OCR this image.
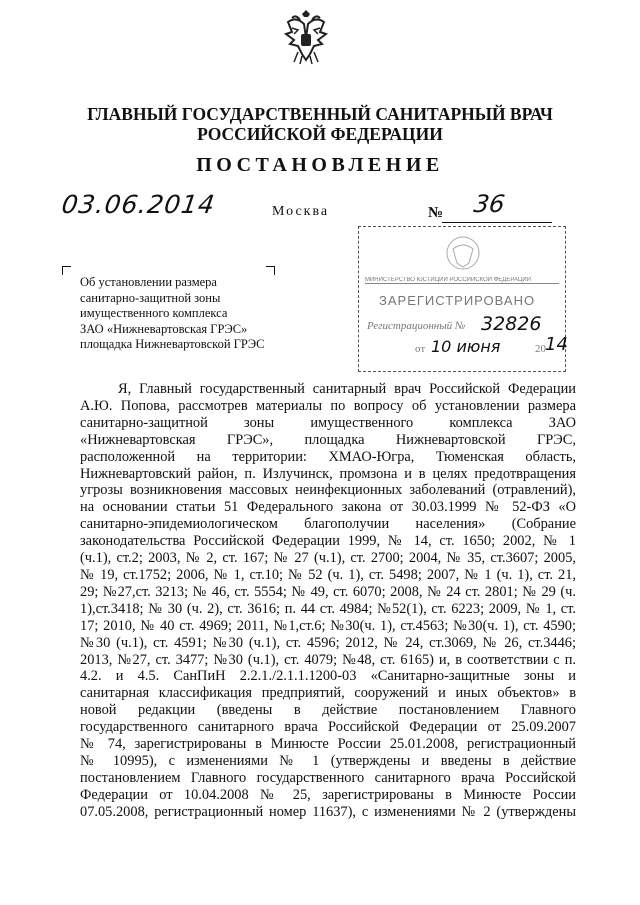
ГЛАВНЫЙ ГОСУДАРСТВЕННЫЙ САНИТАРНЫЙ ВРАЧ
РОССИЙСКОЙ ФЕДЕРАЦИИ
ПОСТАНОВЛЕНИЕ
03.06.2014	Москва	№ 36
МИНИСТЕРСТВО ЮСТИЦИИ РОССИЙСКОЙ ФЕДЕРАЦИИ
ЗАРЕГИСТРИРОВАНО
Регистрационный № 32826
от 10 июня	20 14
Об установлении размера
санитарно-защитной зоны
имущественного комплекса
ЗАО «Нижневартовская ГРЭС»
площадка Нижневартовской ГРЭС
Я, Главный государственный санитарный врач Российской Федерации
А.Ю. Попова, рассмотрев материалы по вопросу об установлении размера
санитарно-защитной зоны имущественного комплекса ЗАО
«Нижневартовская ГРЭС», площадка Нижневартовской ГРЭС,
расположенной на территории: ХМАО-Югра, Тюменская область,
Нижневартовский район, п. Излучинск, промзона и в целях предотвращения
угрозы возникновения массовых неинфекционных заболеваний (отравлений),
на основании статьи 51 Федерального закона от 30.03.1999 № 52-ФЗ «О
санитарно-эпидемиологическом благополучии населения» (Собрание
законодательства Российской Федерации 1999, № 14, ст. 1650; 2002, № 1
(ч.1), ст.2; 2003, № 2, ст. 167; № 27 (ч.1), ст. 2700; 2004, № 35, ст.3607; 2005,
№ 19, ст.1752; 2006, № 1, ст.10; № 52 (ч. 1), ст. 5498; 2007, № 1 (ч. 1), ст. 21,
29; №27,ст. 3213; № 46, ст. 5554; № 49, ст. 6070; 2008, № 24 ст. 2801; № 29 (ч.
1),ст.3418; № 30 (ч. 2), ст. 3616; п. 44 ст. 4984; №52(1), ст. 6223; 2009, № 1, ст.
17; 2010, № 40 ст. 4969; 2011, №1,ст.6; №30(ч. 1), ст.4563; №30(ч. 1), ст. 4590;
№30 (ч.1), ст. 4591; №30 (ч.1), ст. 4596; 2012, № 24, ст.3069, № 26, ст.3446;
2013, №27, ст. 3477; №30 (ч.1), ст. 4079; №48, ст. 6165) и, в соответствии с п.
4.2. и 4.5. СанПиН 2.2.1./2.1.1.1200-03 «Санитарно-защитные зоны и
санитарная классификация предприятий, сооружений и иных объектов» в
новой редакции (введены в действие постановлением Главного
государственного санитарного врача Российской Федерации от 25.09.2007
№ 74, зарегистрированы в Минюсте России 25.01.2008, регистрационный
№ 10995), с изменениями № 1 (утверждены и введены в действие
постановлением Главного государственного санитарного врача Российской
Федерации от 10.04.2008 № 25, зарегистрированы в Минюсте России
07.05.2008, регистрационный номер 11637), с изменениями № 2 (утверждены
